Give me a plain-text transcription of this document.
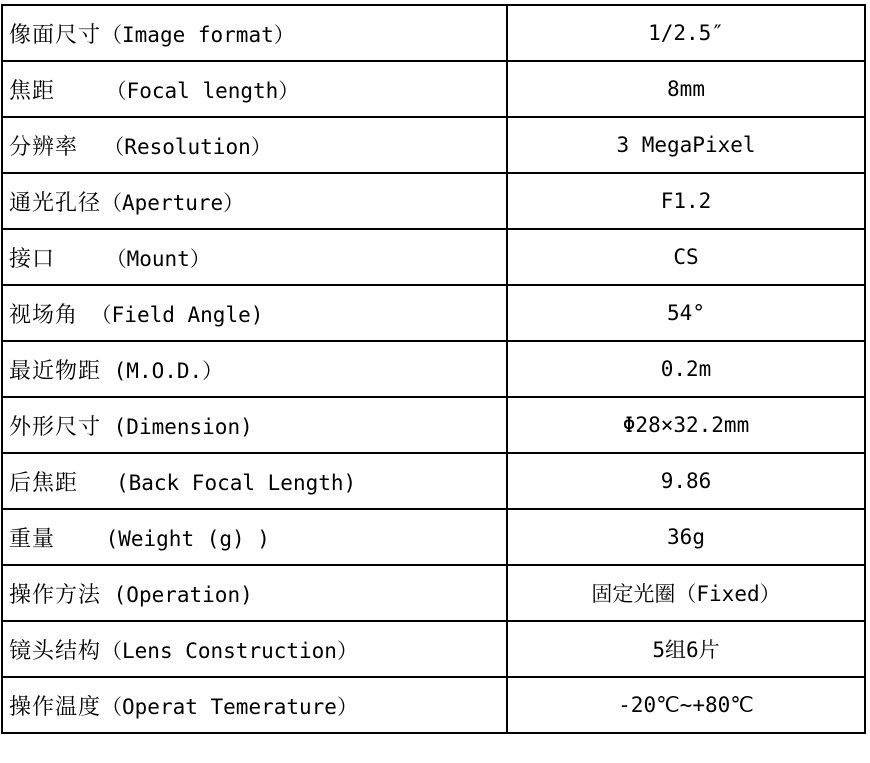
像面尺寸（Image format）	1/2.5″
焦距    （Focal length）	8mm
分辨率  （Resolution）	3 MegaPixel
通光孔径（Aperture）	F1.2
接口    （Mount）	CS
视场角 （Field Angle)	54°
最近物距 (M.O.D.）	0.2m
外形尺寸 (Dimension)	Φ28×32.2mm
后焦距   (Back Focal Length)	9.86
重量    (Weight (g) )	36g
操作方法 (Operation)	固定光圈（Fixed）
镜头结构（Lens Construction）	5组6片
操作温度（Operat Temerature）	-20℃~+80℃
